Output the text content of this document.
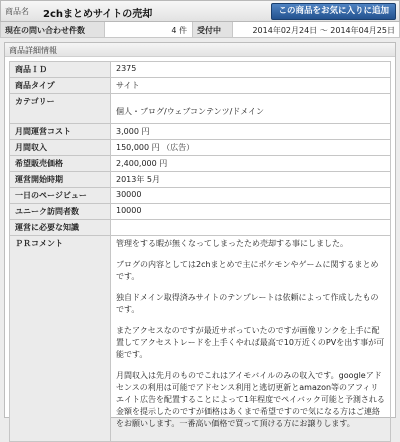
商品名 2chまとめサイトの売却	この商品をお気に入りに追加
現在の問い合わせ件数	4 件	受付中	2014年02月24日 ～ 2014年04月25日
商品詳細情報
商品ＩＤ	2375
商品タイプ	サイト
カテゴリー	個人・ブログ/ウェブコンテンツ/ドメイン
月間運営コスト	3,000 円
月間収入	150,000 円 （広告）
希望販売価格	2,400,000 円
運営開始時期	2013年 5月
一日のページビュー	30000
ユニーク訪問者数	10000
運営に必要な知識	
ＰＲコメント	管理をする暇が無くなってしまったため売却する事にしました。

ブログの内容としては2chまとめで主にポケモンやゲームに関するまとめです。

独自ドメイン取得済みサイトのテンプレートは依頼によって作成したものです。

またアクセスなのですが最近サボっていたのですが画像リンクを上手に配置してアクセストレードを上手くやれば最高で10万近くのPVを出す事が可能です。

月間収入は先月のものでこれはアイモバイルのみの収入です。googleアドセンスの利用は可能でアドセンス利用と逃切更新とamazon等のアフィリエイト広告を配置することによって1年程度でペイバック可能と予測される金額を提示したのですが価格はあくまで希望ですので気になる方はご連絡をお願いします。一番高い価格で買って頂ける方にお譲りします。
